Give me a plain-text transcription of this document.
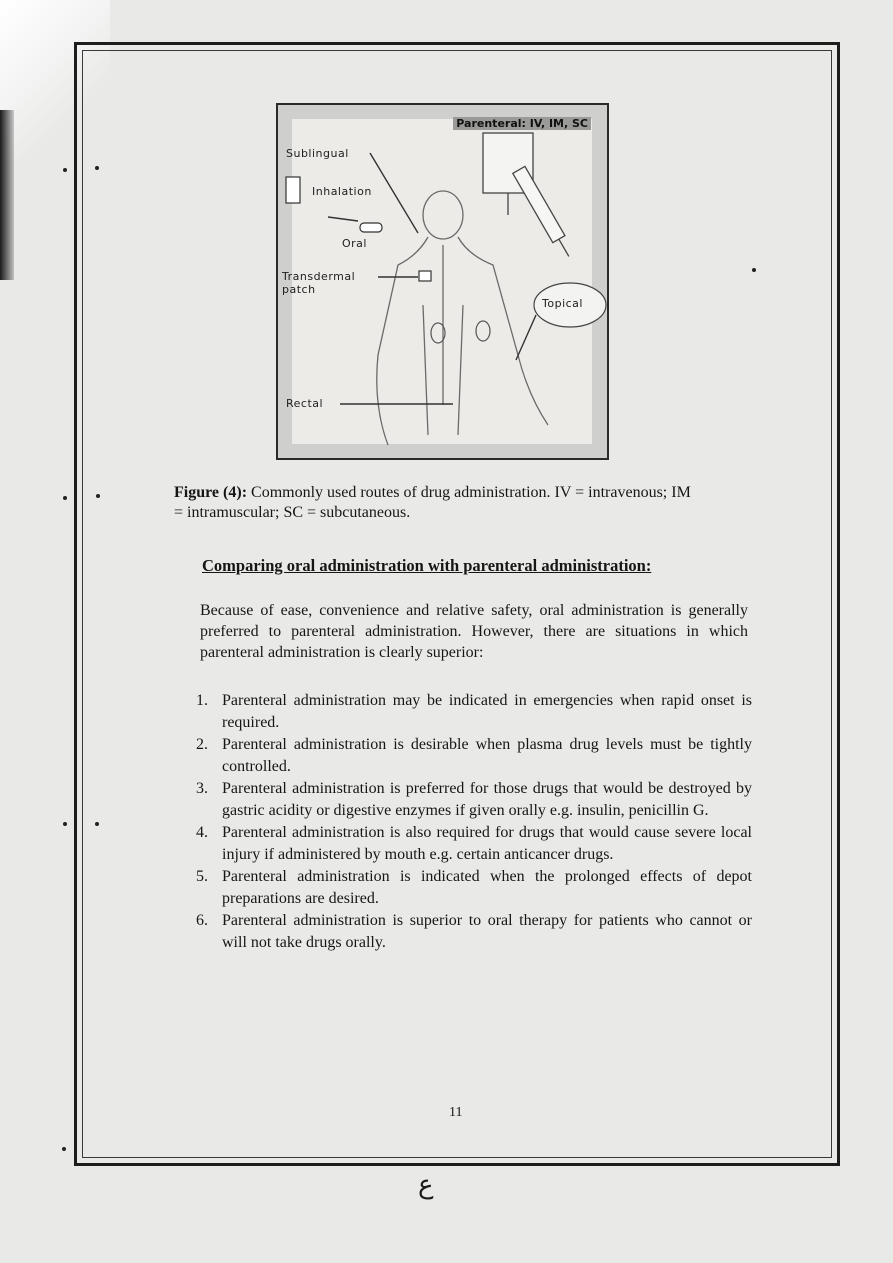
Parenteral: IV, IM, SC
Sublingual
Inhalation
Oral
Transdermal
patch
Topical
Rectal
Figure (4): Commonly used routes of drug administration. IV = intravenous; IM = intramuscular; SC = subcutaneous.
Comparing oral administration with parenteral administration:
Because of ease, convenience and relative safety, oral administration is generally preferred to parenteral administration. However, there are situations in which parenteral administration is clearly superior:
1. Parenteral administration may be indicated in emergencies when rapid onset is required.
2. Parenteral administration is desirable when plasma drug levels must be tightly controlled.
3. Parenteral administration is preferred for those drugs that would be destroyed by gastric acidity or digestive enzymes if given orally e.g. insulin, penicillin G.
4. Parenteral administration is also required for drugs that would cause severe local injury if administered by mouth e.g. certain anticancer drugs.
5. Parenteral administration is indicated when the prolonged effects of depot preparations are desired.
6. Parenteral administration is superior to oral therapy for patients who cannot or will not take drugs orally.
11
ع
